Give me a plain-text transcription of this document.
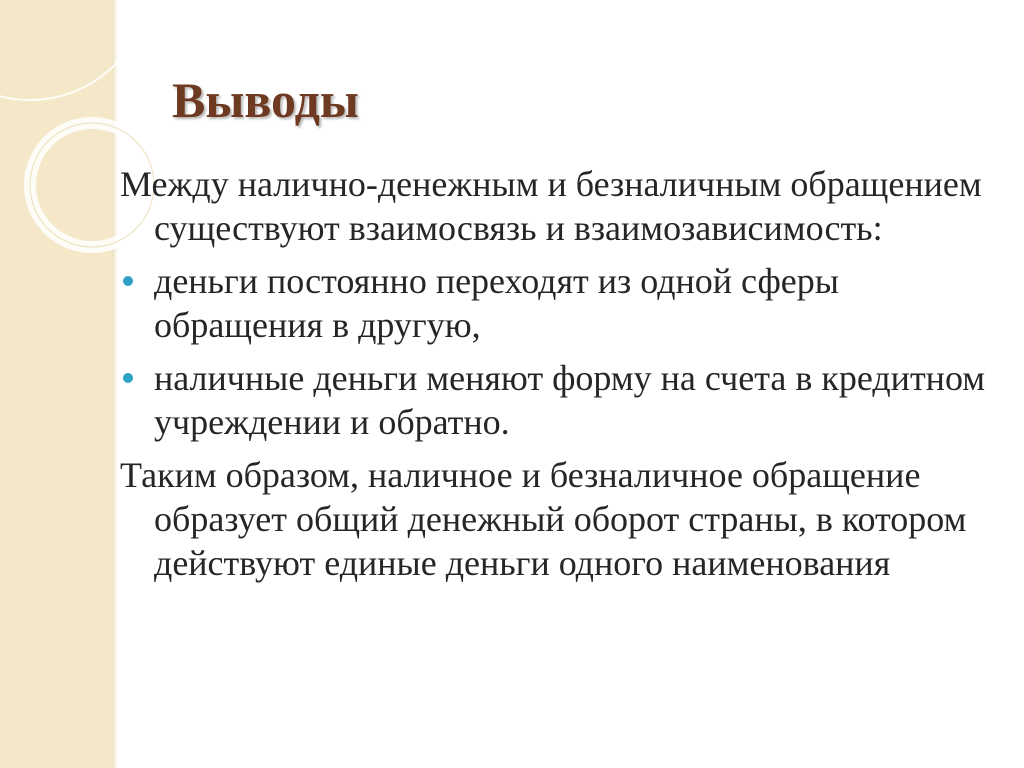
Выводы

Между налично-денежным и безналичным обращением существуют взаимосвязь и взаимозависимость:

деньги постоянно переходят из одной сферы обращения в другую,
наличные деньги меняют форму на счета в кредитном учреждении и обратно.

Таким образом, наличное и безналичное обращение образует общий денежный оборот страны, в котором действуют единые деньги одного наименования
